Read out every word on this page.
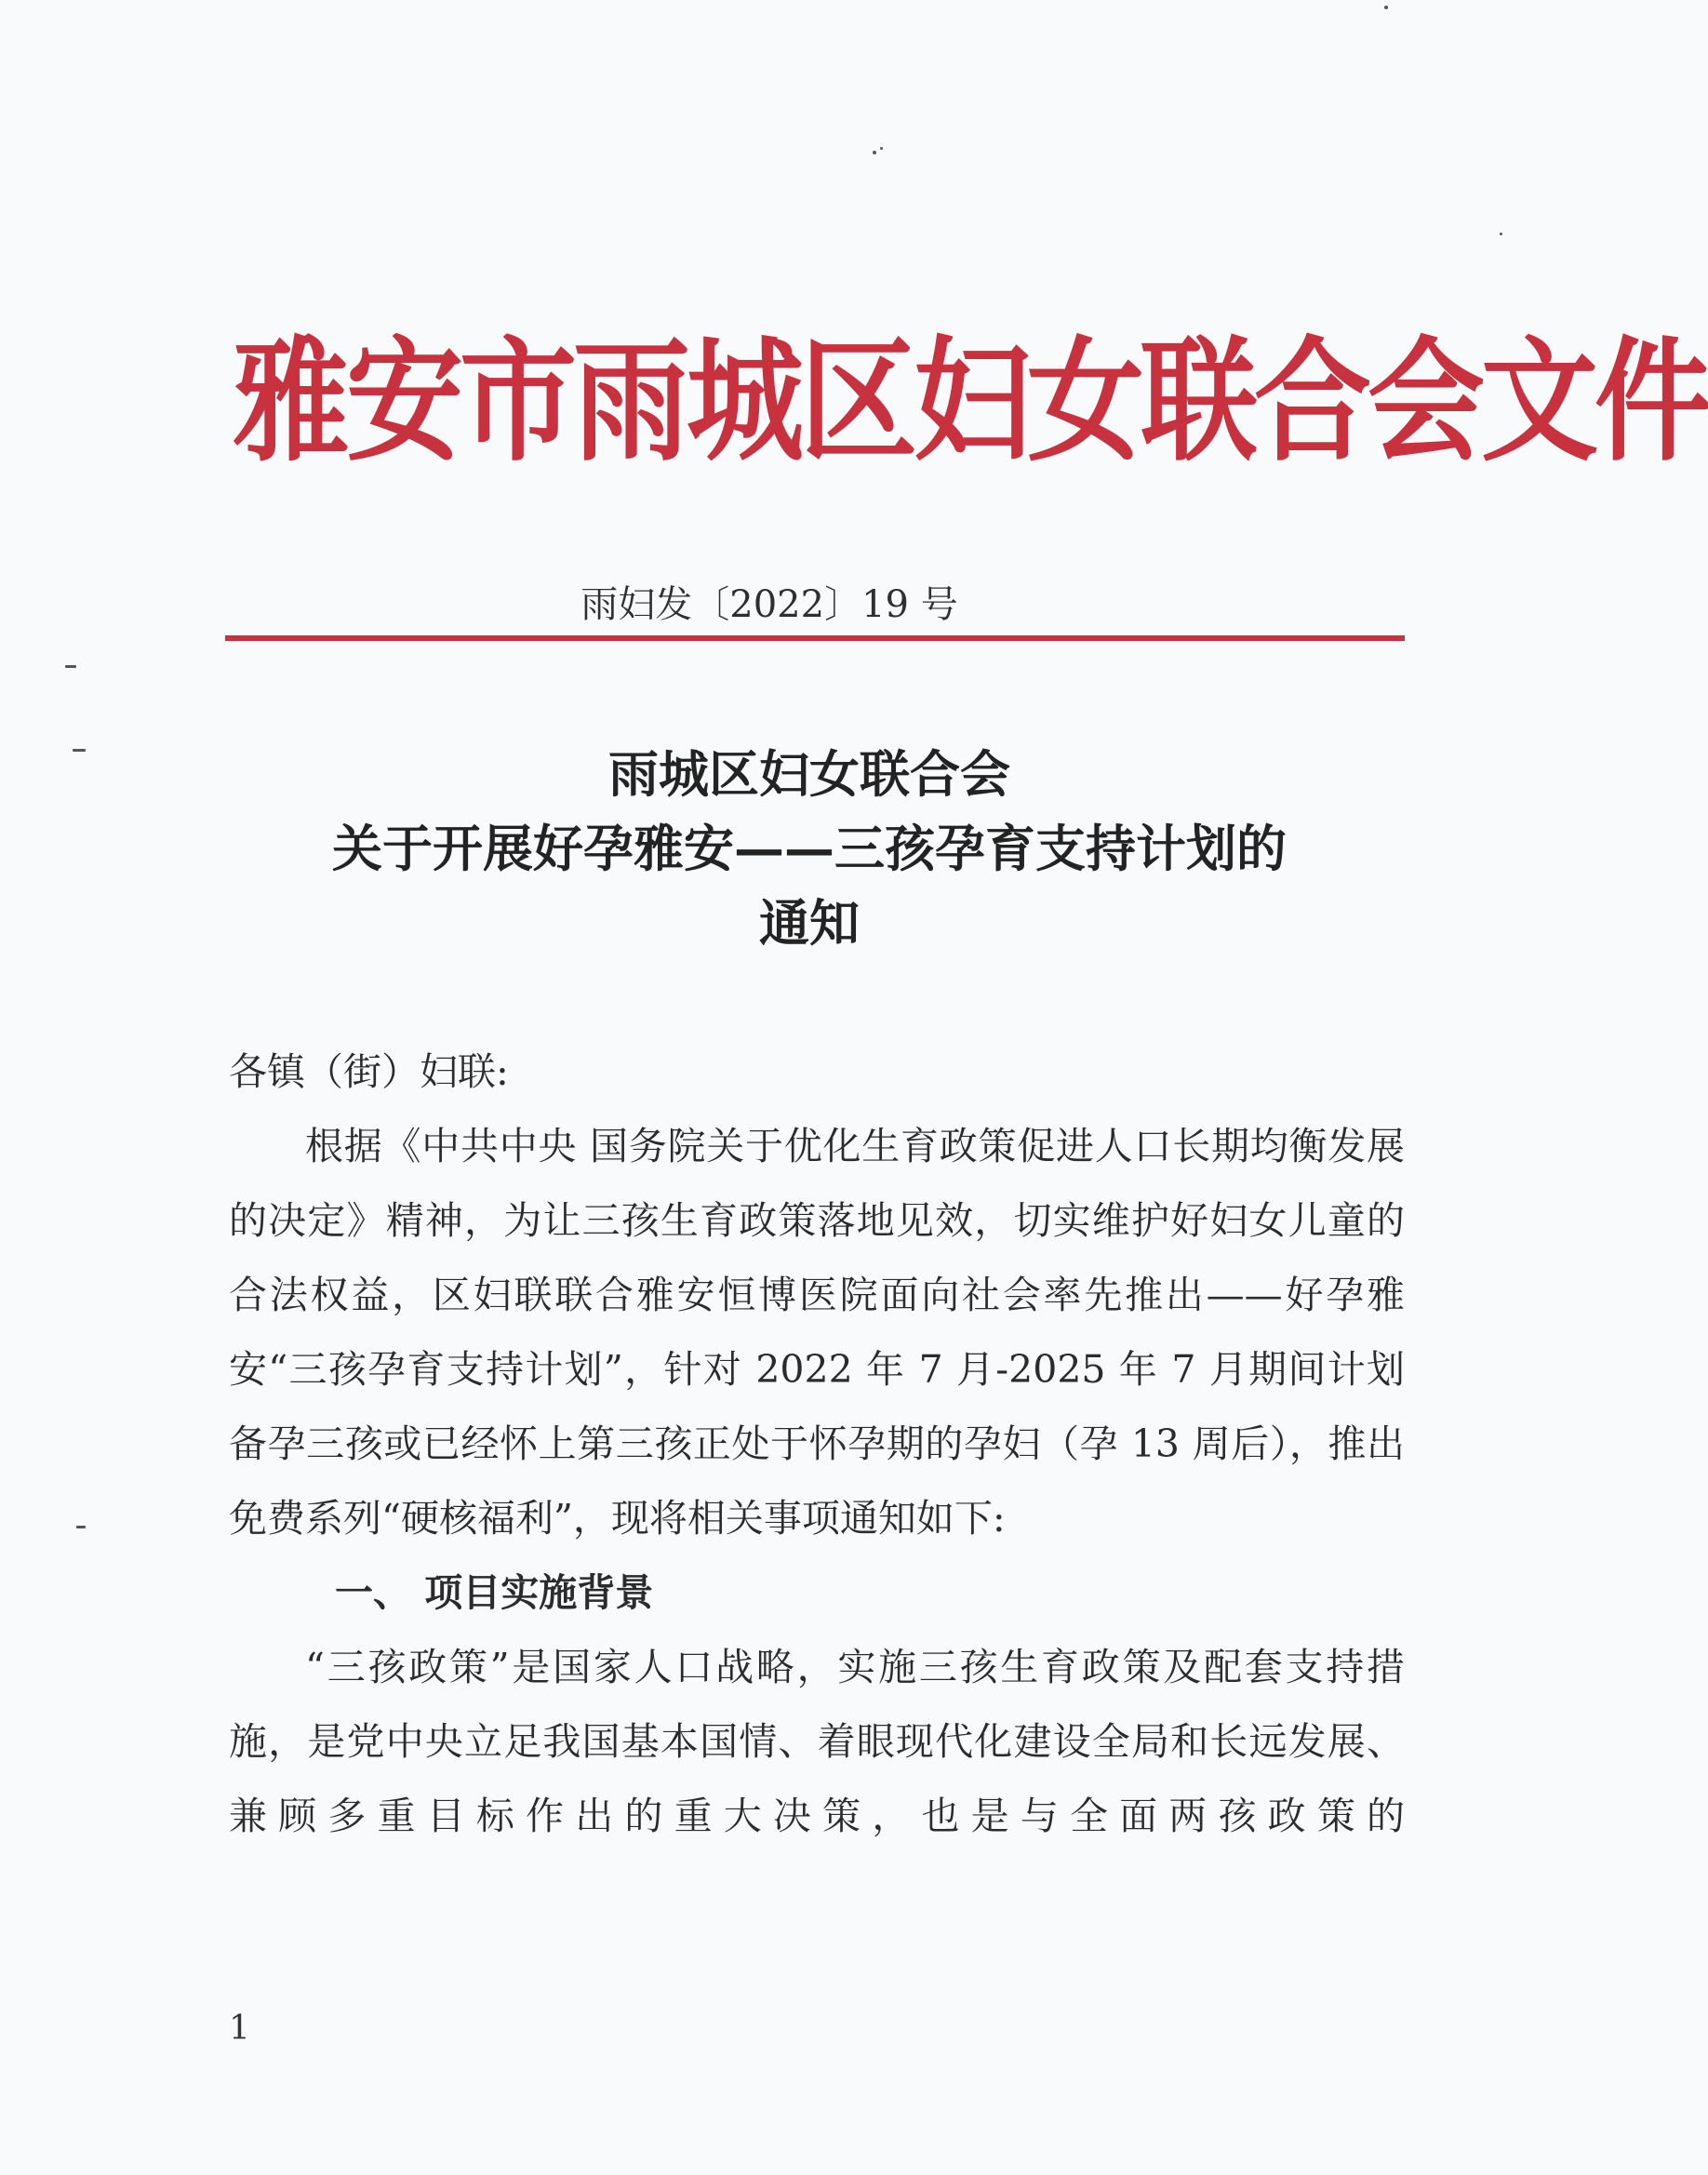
雅安市雨城区妇女联合会文件
雨妇发〔2022〕19 号
雨城区妇女联合会
关于开展好孕雅安——三孩孕育支持计划的
通知

各镇（街）妇联:

根据《中共中央 国务院关于优化生育政策促进人口长期均衡发展的决定》精神，为让三孩生育政策落地见效，切实维护好妇女儿童的合法权益，区妇联联合雅安恒博医院面向社会率先推出——好孕雅安“三孩孕育支持计划”，针对 2022 年 7 月-2025 年 7 月期间计划备孕三孩或已经怀上第三孩正处于怀孕期的孕妇（孕 13 周后），推出免费系列“硬核福利”，现将相关事项通知如下:

一、 项目实施背景

“三孩政策”是国家人口战略，实施三孩生育政策及配套支持措施，是党中央立足我国基本国情、着眼现代化建设全局和长远发展、兼顾多重目标作出的重大决策，也是与全面两孩政策的

1
